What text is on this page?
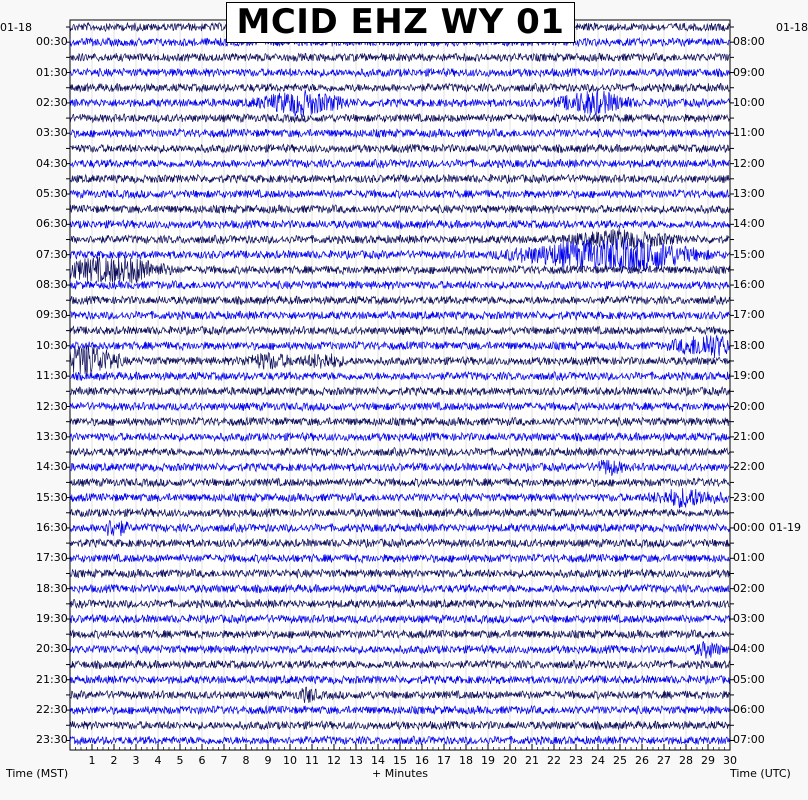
MCID EHZ WY 01
01-18	01-18
00:30
01:30
02:30
03:30
04:30
05:30
06:30
07:30
08:30
09:30
10:30
11:30
12:30
13:30
14:30
15:30
16:30
17:30
18:30
19:30
20:30
21:30
22:30
23:30
08:00
09:00
10:00
11:00
12:00
13:00
14:00
15:00
16:00
17:00
18:00
19:00
20:00
21:00
22:00
23:00
00:00 01-19
01:00
02:00
03:00
04:00
05:00
06:00
07:00
1 2 3 4 5 6 7 8 9 10 11 12 13 14 15 16 17 18 19 20 21 22 23 24 25 26 27 28 29 30
Time (MST)	+ Minutes	Time (UTC)
